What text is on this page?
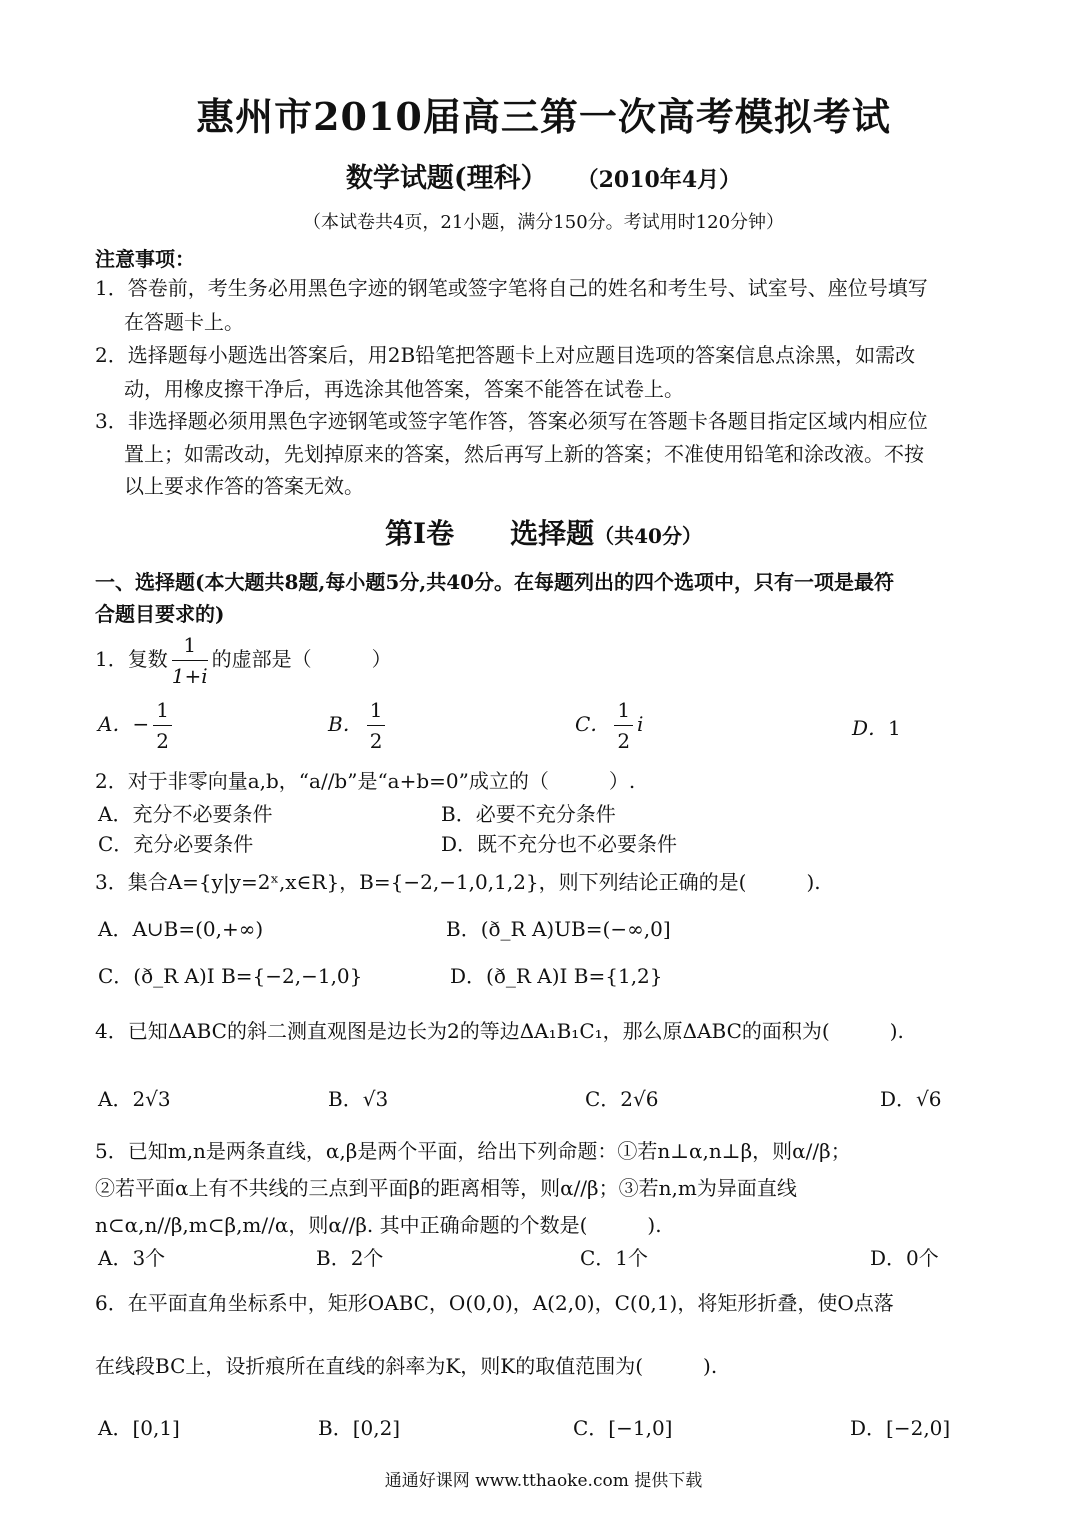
惠州市2010届高三第一次高考模拟考试
数学试题(理科） （2010年4月）
（本试卷共4页，21小题，满分150分。考试用时120分钟）
注意事项：
1．答卷前，考生务必用黑色字迹的钢笔或签字笔将自己的姓名和考生号、试室号、座位号填写
在答题卡上。
2．选择题每小题选出答案后，用2B铅笔把答题卡上对应题目选项的答案信息点涂黑，如需改
动，用橡皮擦干净后，再选涂其他答案，答案不能答在试卷上。
3．非选择题必须用黑色字迹钢笔或签字笔作答，答案必须写在答题卡各题目指定区域内相应位
置上；如需改动，先划掉原来的答案，然后再写上新的答案；不准使用铅笔和涂改液。不按
以上要求作答的答案无效。
第Ⅰ卷　　选择题（共40分）
一、选择题(本大题共8题,每小题5分,共40分。在每题列出的四个选项中，只有一项是最符
合题目要求的)
1．复数 $\frac{1}{1+i}$ 的虚部是（　　　）
A．− $\frac{1}{2}$	B． $\frac{1}{2}$	C． $\frac{1}{2}$ i	D．1
2．对于非零向量a,b，“a//b”是“a+b=0”成立的（　　　）.
A．充分不必要条件	B．必要不充分条件
C．充分必要条件	D．既不充分也不必要条件
3．集合A={y|y=2ˣ,x∈R}，B={−2,−1,0,1,2}，则下列结论正确的是(　　　).
A．A∪B=(0,+∞)	B．(ð_R A)UB=(−∞,0]
C．(ð_R A)I B={−2,−1,0}	D．(ð_R A)I B={1,2}
4．已知ΔABC的斜二测直观图是边长为2的等边ΔA₁B₁C₁，那么原ΔABC的面积为(　　　).
A．2√3	B．√3	C．2√6	D．√6
5．已知m,n是两条直线，α,β是两个平面，给出下列命题：①若n⊥α,n⊥β，则α//β；
②若平面α上有不共线的三点到平面β的距离相等，则α//β；③若n,m为异面直线
n⊂α,n//β,m⊂β,m//α，则α//β. 其中正确命题的个数是(　　　).
A．3个	B．2个	C．1个	D．0个
6．在平面直角坐标系中，矩形OABC，O(0,0)，A(2,0)，C(0,1)，将矩形折叠，使O点落
在线段BC上，设折痕所在直线的斜率为K，则K的取值范围为(　　　).
A．[0,1]	B．[0,2]	C．[−1,0]	D．[−2,0]
通通好课网 www.tthaoke.com 提供下载
